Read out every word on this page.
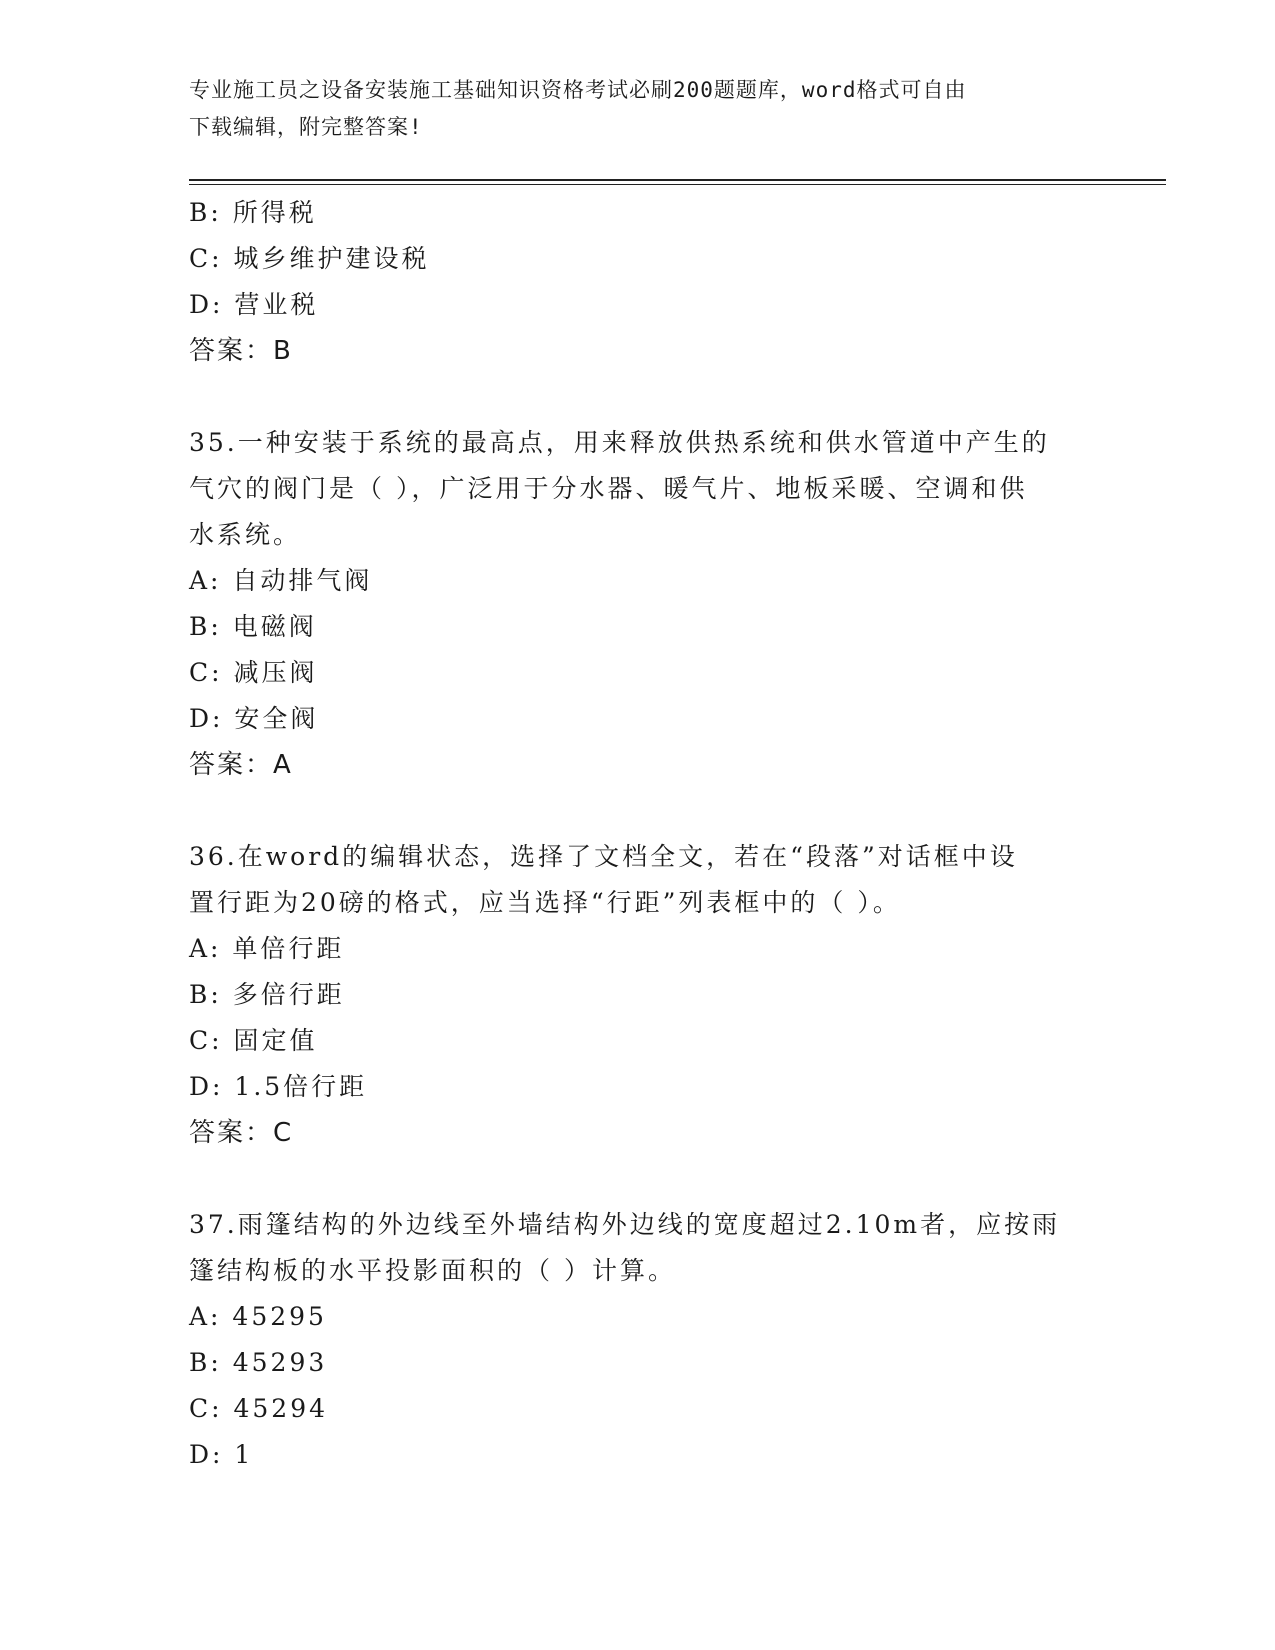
专业施工员之设备安装施工基础知识资格考试必刷200题题库，word格式可自由
下载编辑，附完整答案!
B: 所得税
C: 城乡维护建设税
D: 营业税
答案：B
35.一种安装于系统的最高点，用来释放供热系统和供水管道中产生的
气穴的阀门是（ ），广泛用于分水器、暖气片、地板采暖、空调和供
水系统。
A: 自动排气阀
B: 电磁阀
C: 减压阀
D: 安全阀
答案：A
36.在word的编辑状态，选择了文档全文，若在“段落”对话框中设
置行距为20磅的格式，应当选择“行距”列表框中的（ ）。
A: 单倍行距
B: 多倍行距
C: 固定值
D: 1.5倍行距
答案：C
37.雨篷结构的外边线至外墙结构外边线的宽度超过2.10m者，应按雨
篷结构板的水平投影面积的（ ）计算。
A: 45295
B: 45293
C: 45294
D: 1
